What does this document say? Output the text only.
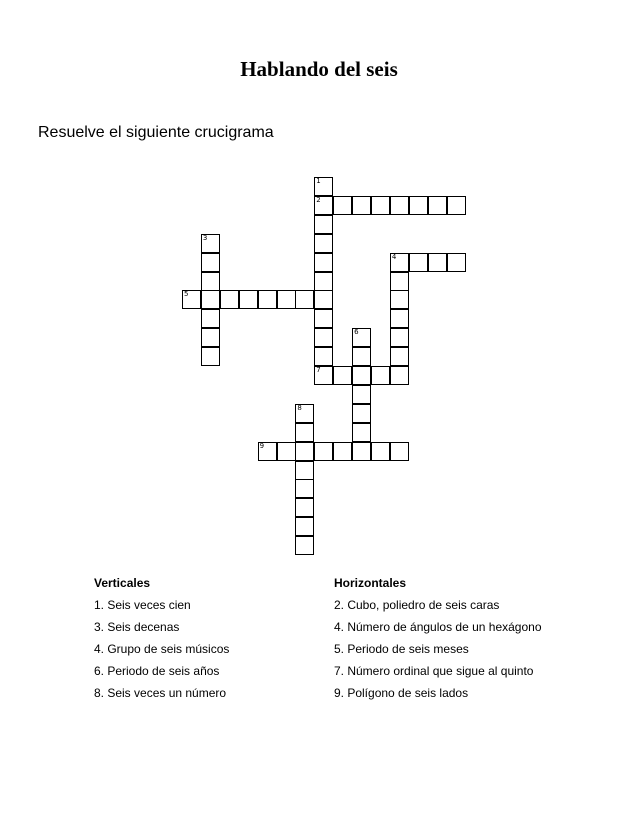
Hablando del seis
Resuelve el siguiente crucigrama
1
2
7
3
4
5
6
8
9
Verticales
1. Seis veces cien
3. Seis decenas
4. Grupo de seis músicos
6. Periodo de seis años
8. Seis veces un número
Horizontales
2. Cubo, poliedro de seis caras
4. Número de ángulos de un hexágono
5. Periodo de seis meses
7. Número ordinal que sigue al quinto
9. Polígono de seis lados
